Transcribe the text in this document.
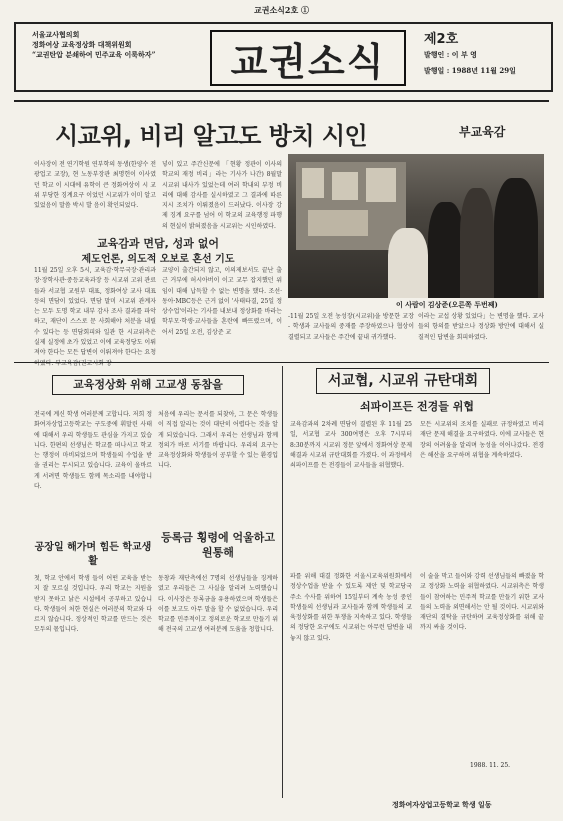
교권소식2호 ①
서울교사협의회
정화여상 교육정상화 대책위원회
“교권탄압 분쇄하여 민주교육 이룩하자”	교권소식	제2호
발행인 : 이 부 영
발행일 : 1988년 11월 29일
시교위, 비리 알고도 방치 시인	부교육감
이사장이 전 연기학원 연부학의 동생(한양수 전 광업고 교장), 현 노동부장관 최명헌이 이사였던 학교 이 시대에 유학이 큰 정화여상이 시 교위 부당한 징계요구 이었던 시교위가 이미 알고 있었음이 말씀 박시 발 음이 확인되었다.
교육감과 면담, 성과 없어
제도언론, 의도적 오보로 혼선 기도
11월 25일 오후 5시, 교육감·학무국장·관리과장·장학사관·중등교육과장 등 시교위 고위 관료들과 서교협 교원부 대표, 정화여상 교사 대표 등의 면담이 있었다. 면담 말미 시교위 관계자는 모두 도명 학교 내부 감사 조사 결과를 파악하고, 재단이 스스로 문 사회해야 처분을 내릴 수 있다는 등 면담회피와 일관 한 시교위측은 실제 실정에 초가 있었고 이에 교육정당도 이뤄져야 한다는 모든 답변이 이뤄져야 한다는 요청하였다. 부교육감(권교시회 장
넣이 있고 주간신문에 「현황 정관이 이사의 학교의 재정 비리」라는 기사가 나간) 8월말 시교위 내사가 있었는데 여러 학내의 부정 비리에 대해 감사를 실시하였고 그 결과에 따른 지시 조치가 이뤄졌음이 드러났다. 이사장 강제 징계 요구를 넘어 이 학교의 교육행정 파행의 현실이 밝혀졌음을 시교위는 시인하였다.
교양이 출간되지 않고, 이의제보서도 끝난 출근 거부에 허시아버이 이고 교무 잡지했던 위임이 대해 납득할 수 없는 변명을 했다. 조선·동아·MBC등은 근거 없이 '사태타결, 25일 정상수업'이라는 기사를 내보내 정상화를 바라는 학부모·학생·교사들을 혼란에 빠뜨렸으며, 이어서 25일 오전, 김상준 교
이 사람이 김상준(오른쪽 두번째)
-11월 25일 오전 농성장(시교위)을 방문한 교장 - 학생과 교사들의 중재를 주장하였으나 협상이 결렬되고 교사들은 주간에 끝내 귀가했다.
이라는 교섭 상황 있었다」는 변명을 했다. 교사들의 항의를 받았으나 정상화 방안에 대해서 실질적인 답변을 회피하였다.
교육정상화 위해 고교생 동참을
전국에 계신 학생 여러분께 고합니다. 저희 정화여자상업고등학교는 구도중에 휘말린 사태에 대해서 우리 학생들도 관심을 가지고 있습니다. 한편의 선생님은 학교를 떠나시고 학교는 행정이 마비되었으며 학생들의 수업을 받을 권리는 무시되고 있습니다. 교육이 올바르게 서려면 학생들도 함께 목소리를 내야합니다.
공장일 해가며 힘든 학교생활
첫, 학교 안에서 학생 들이 어떤 교육을 받는지 잘 모르실 것입니다. 우리 학교는 지원을 받지 못하고 낡은 시설에서 공부하고 있습니다. 학생들이 처한 현실은 여러분의 학교와 다르지 않습니다. 정상적인 학교를 만드는 것은 모두의 몫입니다.
처음에 우리는 문서를 되찾아, 그 문은 학생들이 직접 알리는 것이 대단히 어렵다는 것을 알게 되었습니다. 그래서 우리는 선생님과 함께 정의가 바로 서기를 바랍니다. 우리의 요구는 교육정상화와 학생들이 공부할 수 있는 환경입니다.
등록금 횡령에 억울하고 원통해
동창과 재단측에선 7명의 선생님들을 징계하였고 우리들은 그 사실을 알리려 노력했습니다. 이사장은 등록금을 유용하였으며 학생들은 이를 보고도 아무 말을 할 수 없었습니다. 우리 학교를 민주적이고 정의로운 학교로 만들기 위해 전국의 고교생 여러분께 도움을 청합니다.
서교협, 시교위 규탄대회
쇠파이프든 전경들 위협
교육감과의 2차례 면담이 결렬된 후 11월 25일, 서교협 교사 300여명은 오후 7시부터 8:30분까지 시교위 정문 앞에서 정화여상 문제 해결과 시교위 규탄대회를 가졌다. 이 과정에서 쇠파이프를 든 전경들이 교사들을 위협했다.
모든 시교위의 조치를 실패로 규정하였고 비리재단 문제 해결을 요구하였다. 이에 교사들은 현장의 어려움을 알리며 농성을 이어나갔다. 전경은 해산을 요구하며 위협을 계속하였다.
파를 위해 대결 정화한 서울시교육위원회에서 정상수업을 받을 수 있도록 제안 및 학교당국 주소 수사를 위하여 15일부터 계속 농성 중인 학생들의 선생님과 교사들과 함께 학생들의 교육정상화를 위한 투쟁을 지속하고 있다. 학생들의 정당한 요구에도 시교위는 아무런 답변을 내놓지 않고 있다.
이 술을 막고 들어와 강력 선생님들의 빠졌을 학교 정상화 노력을 위협하였다. 시교위측은 학생들이 참여하는 민주적 학교를 만들기 위한 교사들의 노력을 외면해서는 안 될 것이다. 시교위와 재단의 결탁을 규탄하며 교육정상화를 위해 끝까지 싸울 것이다.
1988. 11. 25.
정화여자상업고등학교 학생 일동
